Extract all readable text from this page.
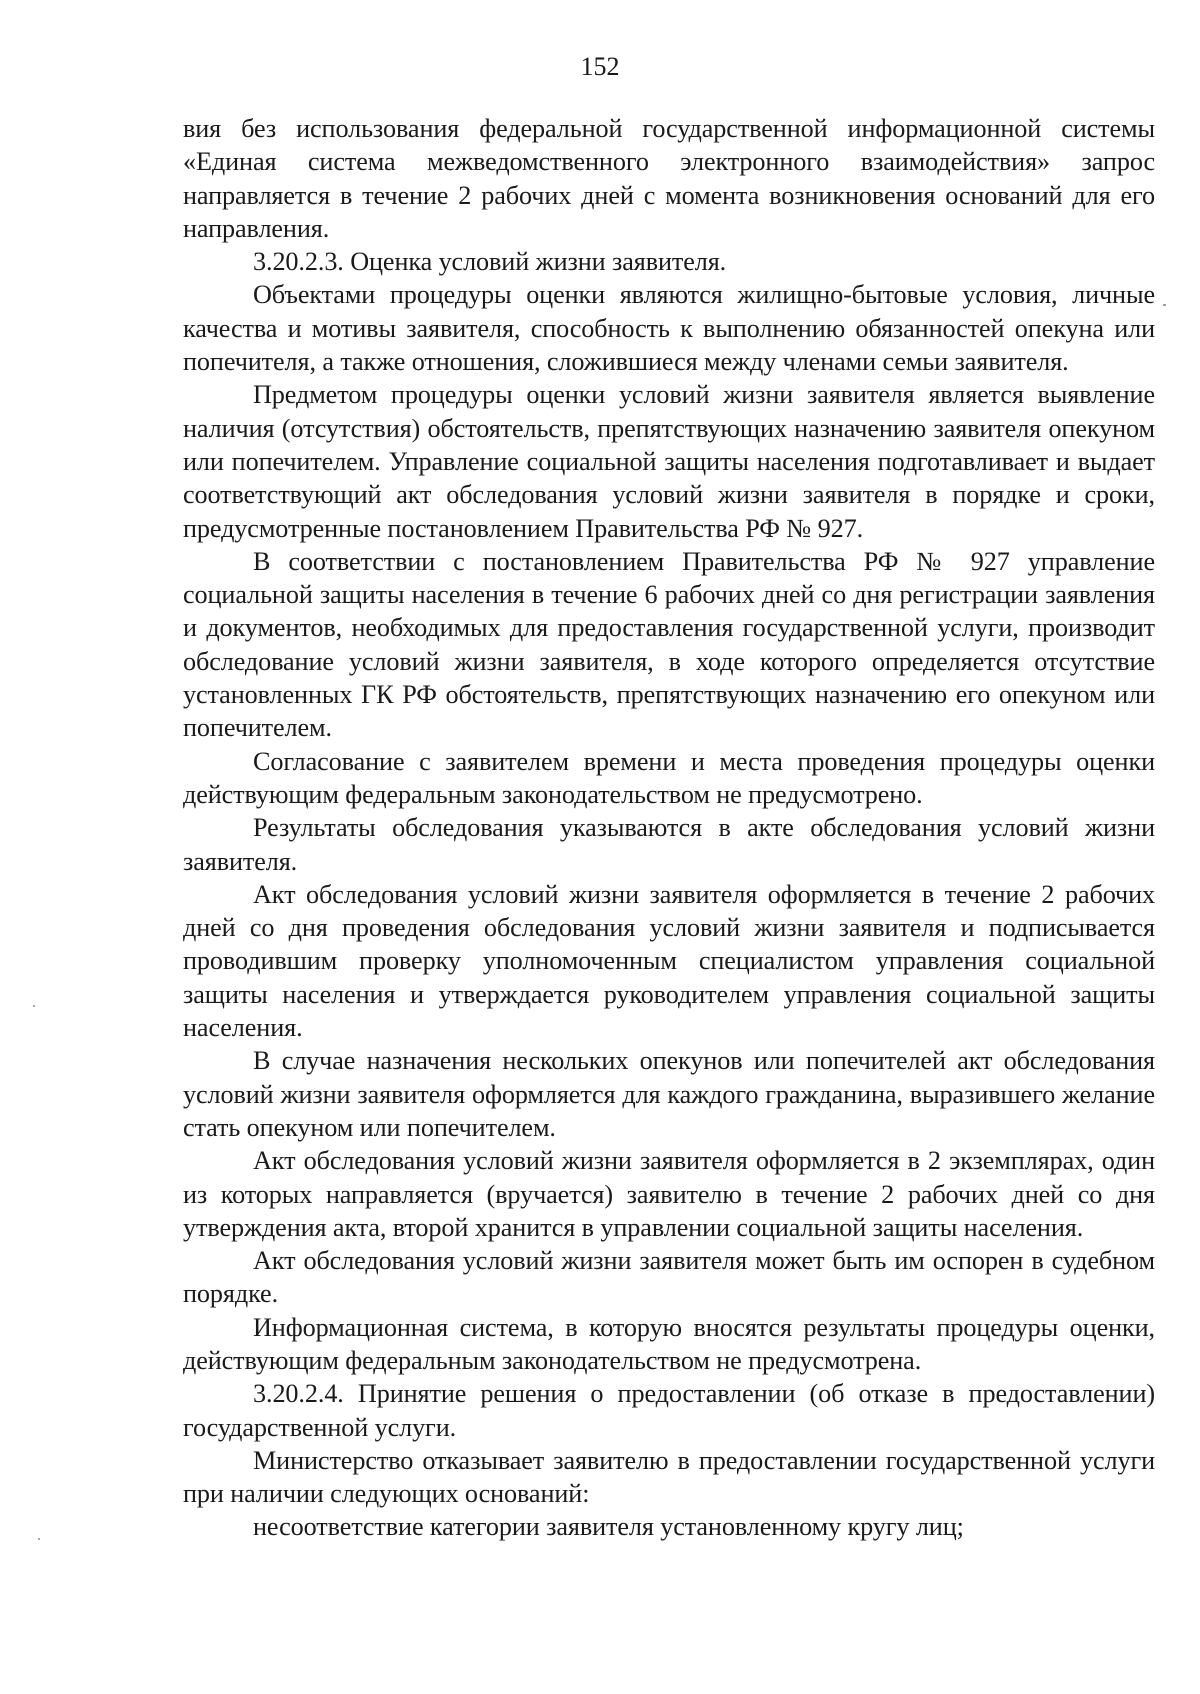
152

вия без использования федеральной государственной информационной системы «Единая система межведомственного электронного взаимодействия» запрос направляется в течение 2 рабочих дней с момента возникновения оснований для его направления.

3.20.2.3. Оценка условий жизни заявителя.

Объектами процедуры оценки являются жилищно-бытовые условия, личные качества и мотивы заявителя, способность к выполнению обязанностей опекуна или попечителя, а также отношения, сложившиеся между членами семьи заявителя.

Предметом процедуры оценки условий жизни заявителя является выявление наличия (отсутствия) обстоятельств, препятствующих назначению заявителя опекуном или попечителем. Управление социальной защиты населения подготавливает и выдает соответствующий акт обследования условий жизни заявителя в порядке и сроки, предусмотренные постановлением Правительства РФ № 927.

В соответствии с постановлением Правительства РФ № 927 управление социальной защиты населения в течение 6 рабочих дней со дня регистрации заявления и документов, необходимых для предоставления государственной услуги, производит обследование условий жизни заявителя, в ходе которого определяется отсутствие установленных ГК РФ обстоятельств, препятствующих назначению его опекуном или попечителем.

Согласование с заявителем времени и места проведения процедуры оценки действующим федеральным законодательством не предусмотрено.

Результаты обследования указываются в акте обследования условий жизни заявителя.

Акт обследования условий жизни заявителя оформляется в течение 2 рабочих дней со дня проведения обследования условий жизни заявителя и подписывается проводившим проверку уполномоченным специалистом управления социальной защиты населения и утверждается руководителем управления социальной защиты населения.

В случае назначения нескольких опекунов или попечителей акт обследования условий жизни заявителя оформляется для каждого гражданина, выразившего желание стать опекуном или попечителем.

Акт обследования условий жизни заявителя оформляется в 2 экземплярах, один из которых направляется (вручается) заявителю в течение 2 рабочих дней со дня утверждения акта, второй хранится в управлении социальной защиты населения.

Акт обследования условий жизни заявителя может быть им оспорен в судебном порядке.

Информационная система, в которую вносятся результаты процедуры оценки, действующим федеральным законодательством не предусмотрена.

3.20.2.4. Принятие решения о предоставлении (об отказе в предоставлении) государственной услуги.

Министерство отказывает заявителю в предоставлении государственной услуги при наличии следующих оснований:

несоответствие категории заявителя установленному кругу лиц;
